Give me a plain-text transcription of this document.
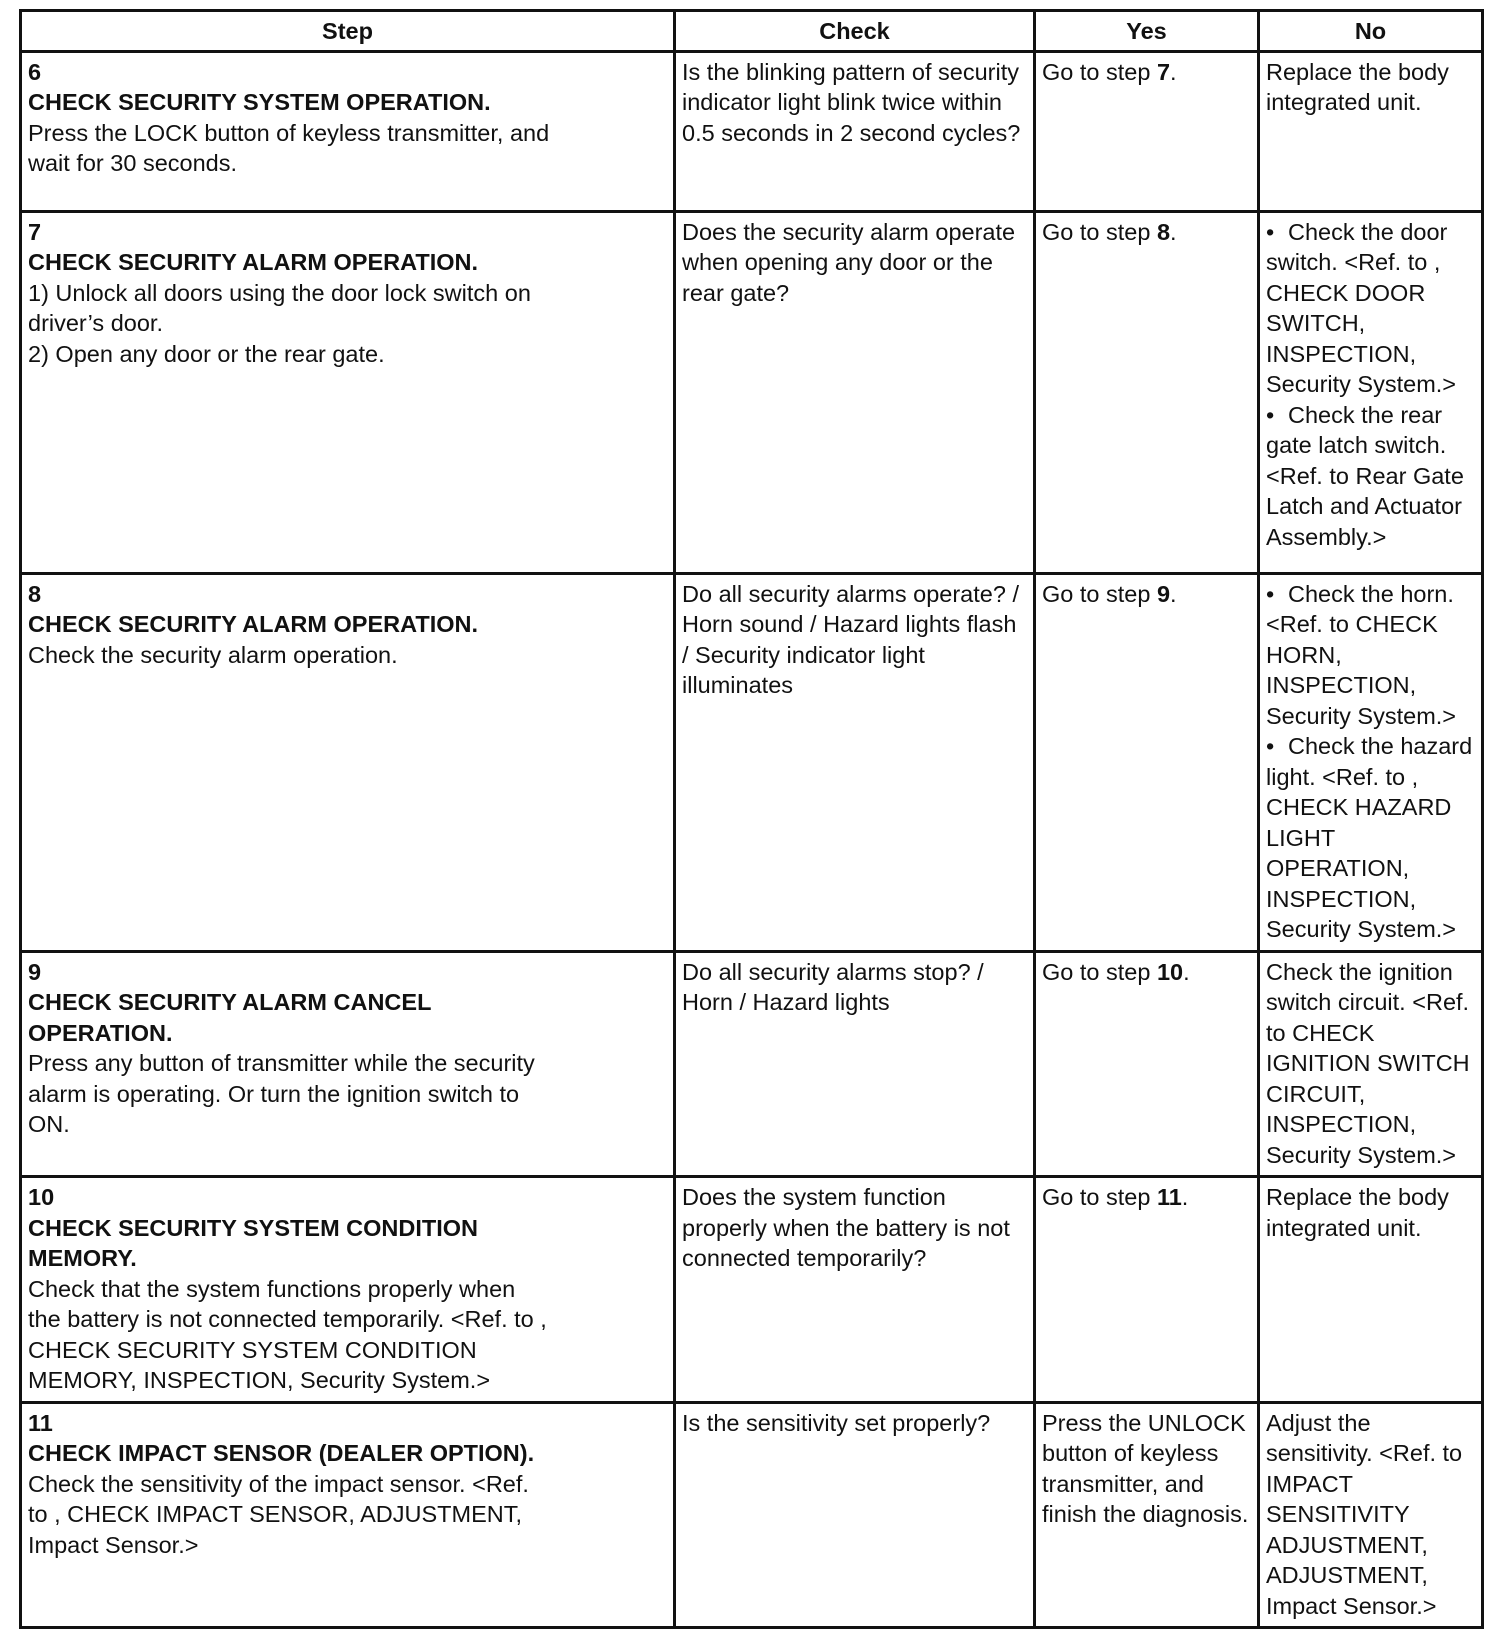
Step	Check	Yes	No
6
CHECK SECURITY SYSTEM OPERATION.
Press the LOCK button of keyless transmitter, and wait for 30 seconds.	Is the blinking pattern of security indicator light blink twice within 0.5 seconds in 2 second cycles?	Go to step 7.	Replace the body integrated unit.
7
CHECK SECURITY ALARM OPERATION.
1) Unlock all doors using the door lock switch on driver’s door.
2) Open any door or the rear gate.	Does the security alarm operate when opening any door or the rear gate?	Go to step 8.	• Check the door switch. <Ref. to , CHECK DOOR SWITCH, INSPECTION, Security System.>
• Check the rear gate latch switch. <Ref. to Rear Gate Latch and Actuator Assembly.>

8
CHECK SECURITY ALARM OPERATION.
Check the security alarm operation.	Do all security alarms operate? / Horn sound / Hazard lights flash / Security indicator light illuminates	Go to step 9.	• Check the horn. <Ref. to CHECK HORN, INSPECTION, Security System.>
• Check the hazard light. <Ref. to , CHECK HAZARD LIGHT OPERATION, INSPECTION, Security System.>

9
CHECK SECURITY ALARM CANCEL OPERATION.
Press any button of transmitter while the security alarm is operating. Or turn the ignition switch to ON.	Do all security alarms stop? / Horn / Hazard lights	Go to step 10.	Check the ignition switch circuit. <Ref. to CHECK IGNITION SWITCH CIRCUIT, INSPECTION, Security System.>
10
CHECK SECURITY SYSTEM CONDITION MEMORY.
Check that the system functions properly when the battery is not connected temporarily. <Ref. to , CHECK SECURITY SYSTEM CONDITION MEMORY, INSPECTION, Security System.>	Does the system function properly when the battery is not connected temporarily?	Go to step 11.	Replace the body integrated unit.
11
CHECK IMPACT SENSOR (DEALER OPTION).
Check the sensitivity of the impact sensor. <Ref. to , CHECK IMPACT SENSOR, ADJUSTMENT, Impact Sensor.>	Is the sensitivity set properly?	Press the UNLOCK button of keyless transmitter, and finish the diagnosis.	Adjust the sensitivity. <Ref. to IMPACT SENSITIVITY ADJUSTMENT, ADJUSTMENT, Impact Sensor.>
